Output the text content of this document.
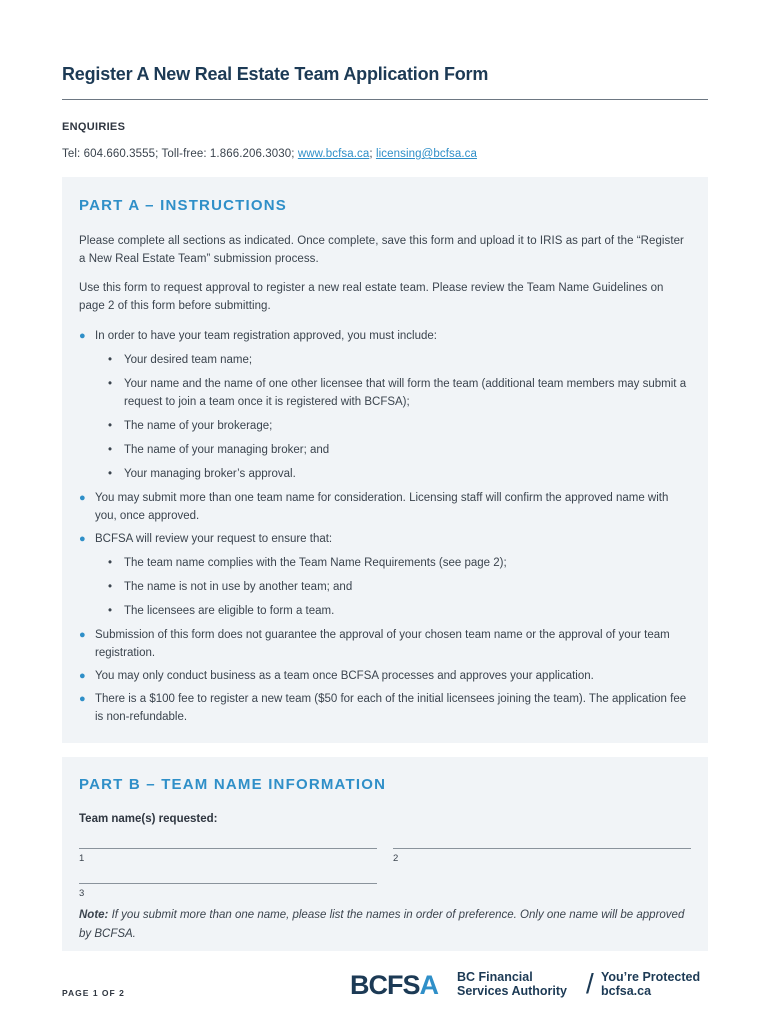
Register A New Real Estate Team Application Form
ENQUIRIES
Tel: 604.660.3555; Toll-free: 1.866.206.3030; www.bcfsa.ca; licensing@bcfsa.ca
PART A – INSTRUCTIONS
Please complete all sections as indicated. Once complete, save this form and upload it to IRIS as part of the “Register a New Real Estate Team” submission process.
Use this form to request approval to register a new real estate team. Please review the Team Name Guidelines on page 2 of this form before submitting.
● In order to have your team registration approved, you must include:
• Your desired team name;
• Your name and the name of one other licensee that will form the team (additional team members may submit a request to join a team once it is registered with BCFSA);
• The name of your brokerage;
• The name of your managing broker; and
• Your managing broker’s approval.
● You may submit more than one team name for consideration. Licensing staff will confirm the approved name with you, once approved.
● BCFSA will review your request to ensure that:
• The team name complies with the Team Name Requirements (see page 2);
• The name is not in use by another team; and
• The licensees are eligible to form a team.
● Submission of this form does not guarantee the approval of your chosen team name or the approval of your team registration.
● You may only conduct business as a team once BCFSA processes and approves your application.
● There is a $100 fee to register a new team ($50 for each of the initial licensees joining the team). The application fee is non-refundable.
PART B – TEAM NAME INFORMATION
Team name(s) requested:
1	2
3
Note: If you submit more than one name, please list the names in order of preference. Only one name will be approved by BCFSA.
PAGE 1 OF 2	BCFSA BC Financial
Services Authority / You’re Protected
bcfsa.ca
